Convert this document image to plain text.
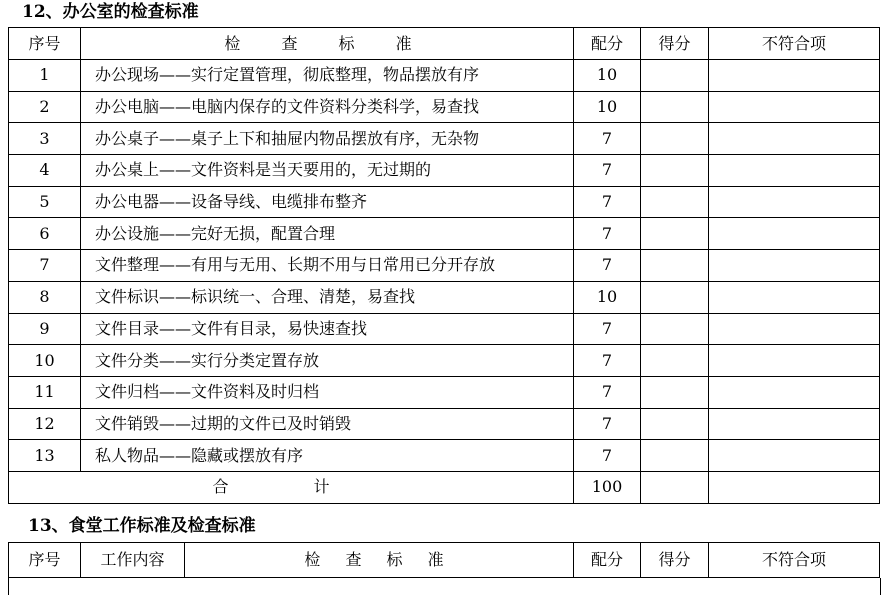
12、办公室的检查标准
序号	检 查 标 准	配分	得分	不符合项
1	办公现场——实行定置管理，彻底整理，物品摆放有序	10		
2	办公电脑——电脑内保存的文件资料分类科学，易查找	10		
3	办公桌子——桌子上下和抽屉内物品摆放有序，无杂物	7		
4	办公桌上——文件资料是当天要用的，无过期的	7		
5	办公电器——设备导线、电缆排布整齐	7		
6	办公设施——完好无损，配置合理	7		
7	文件整理——有用与无用、长期不用与日常用已分开存放	7		
8	文件标识——标识统一、合理、清楚，易查找	10		
9	文件目录——文件有目录，易快速查找	7		
10	文件分类——实行分类定置存放	7		
11	文件归档——文件资料及时归档	7		
12	文件销毁——过期的文件已及时销毁	7		
13	私人物品——隐藏或摆放有序	7		
合 计		100		
13、食堂工作标准及检查标准
序号	工作内容	检 查 标 准	配分	得分	不符合项
